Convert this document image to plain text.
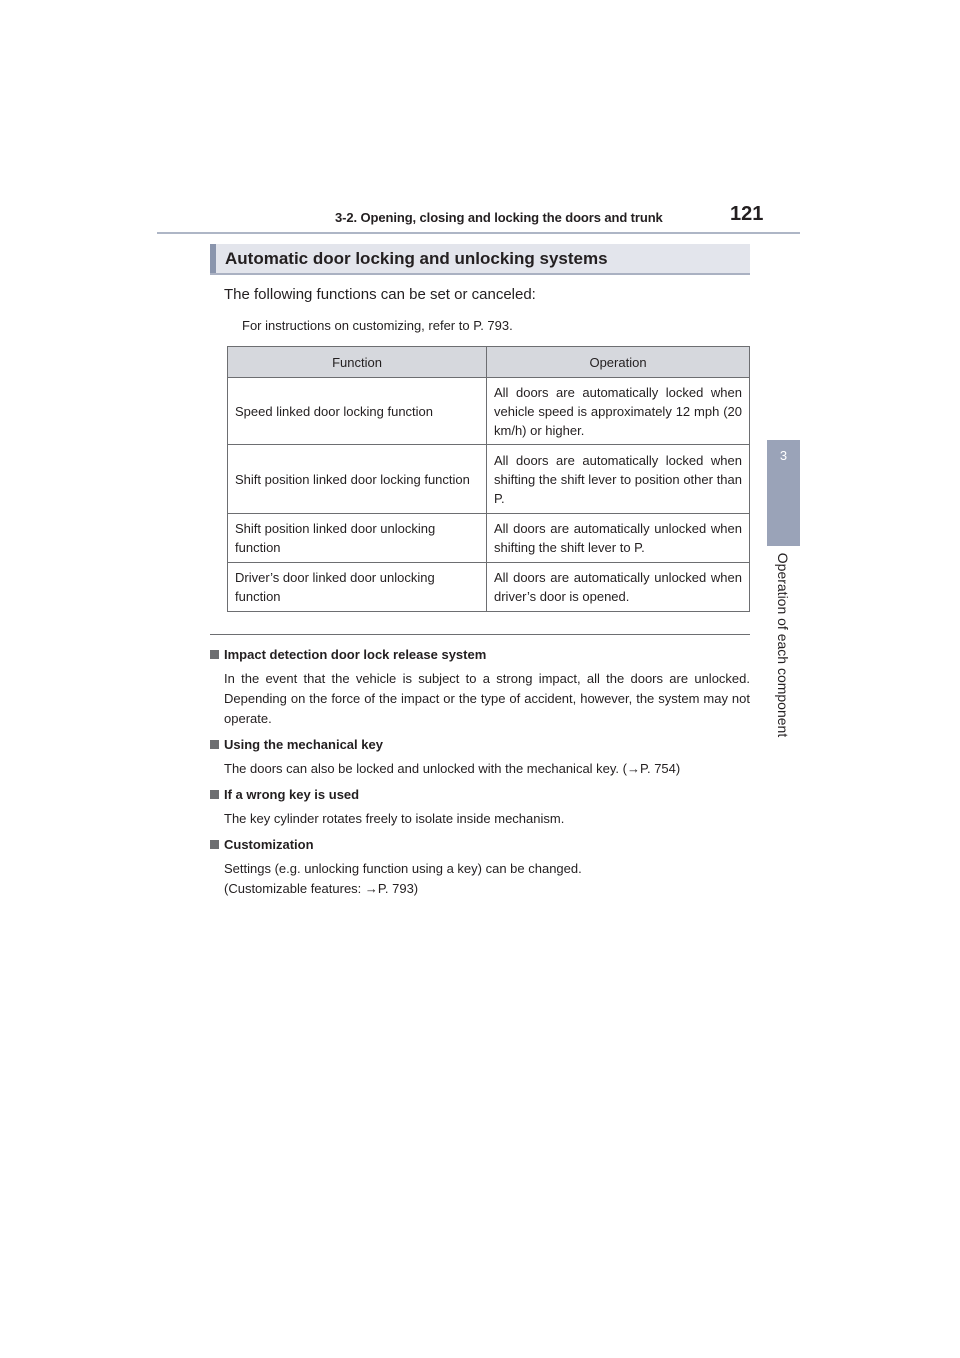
3-2. Opening, closing and locking the doors and trunk	121
3
Operation of each component
Automatic door locking and unlocking systems
The following functions can be set or canceled:
For instructions on customizing, refer to P. 793.
Function	Operation
Speed linked door locking function	All doors are automatically locked when vehicle speed is approximately 12 mph (20 km/h) or higher.
Shift position linked door locking function	All doors are automatically locked when shifting the shift lever to position other than P.
Shift position linked door unlocking function	All doors are automatically unlocked when shifting the shift lever to P.
Driver’s door linked door unlocking function	All doors are automatically unlocked when driver’s door is opened.

Impact detection door lock release system

In the event that the vehicle is subject to a strong impact, all the doors are unlocked. Depending on the force of the impact or the type of accident, however, the system may not operate.

Using the mechanical key

The doors can also be locked and unlocked with the mechanical key. (→P. 754)

If a wrong key is used

The key cylinder rotates freely to isolate inside mechanism.

Customization

Settings (e.g. unlocking function using a key) can be changed.

(Customizable features: →P. 793)
